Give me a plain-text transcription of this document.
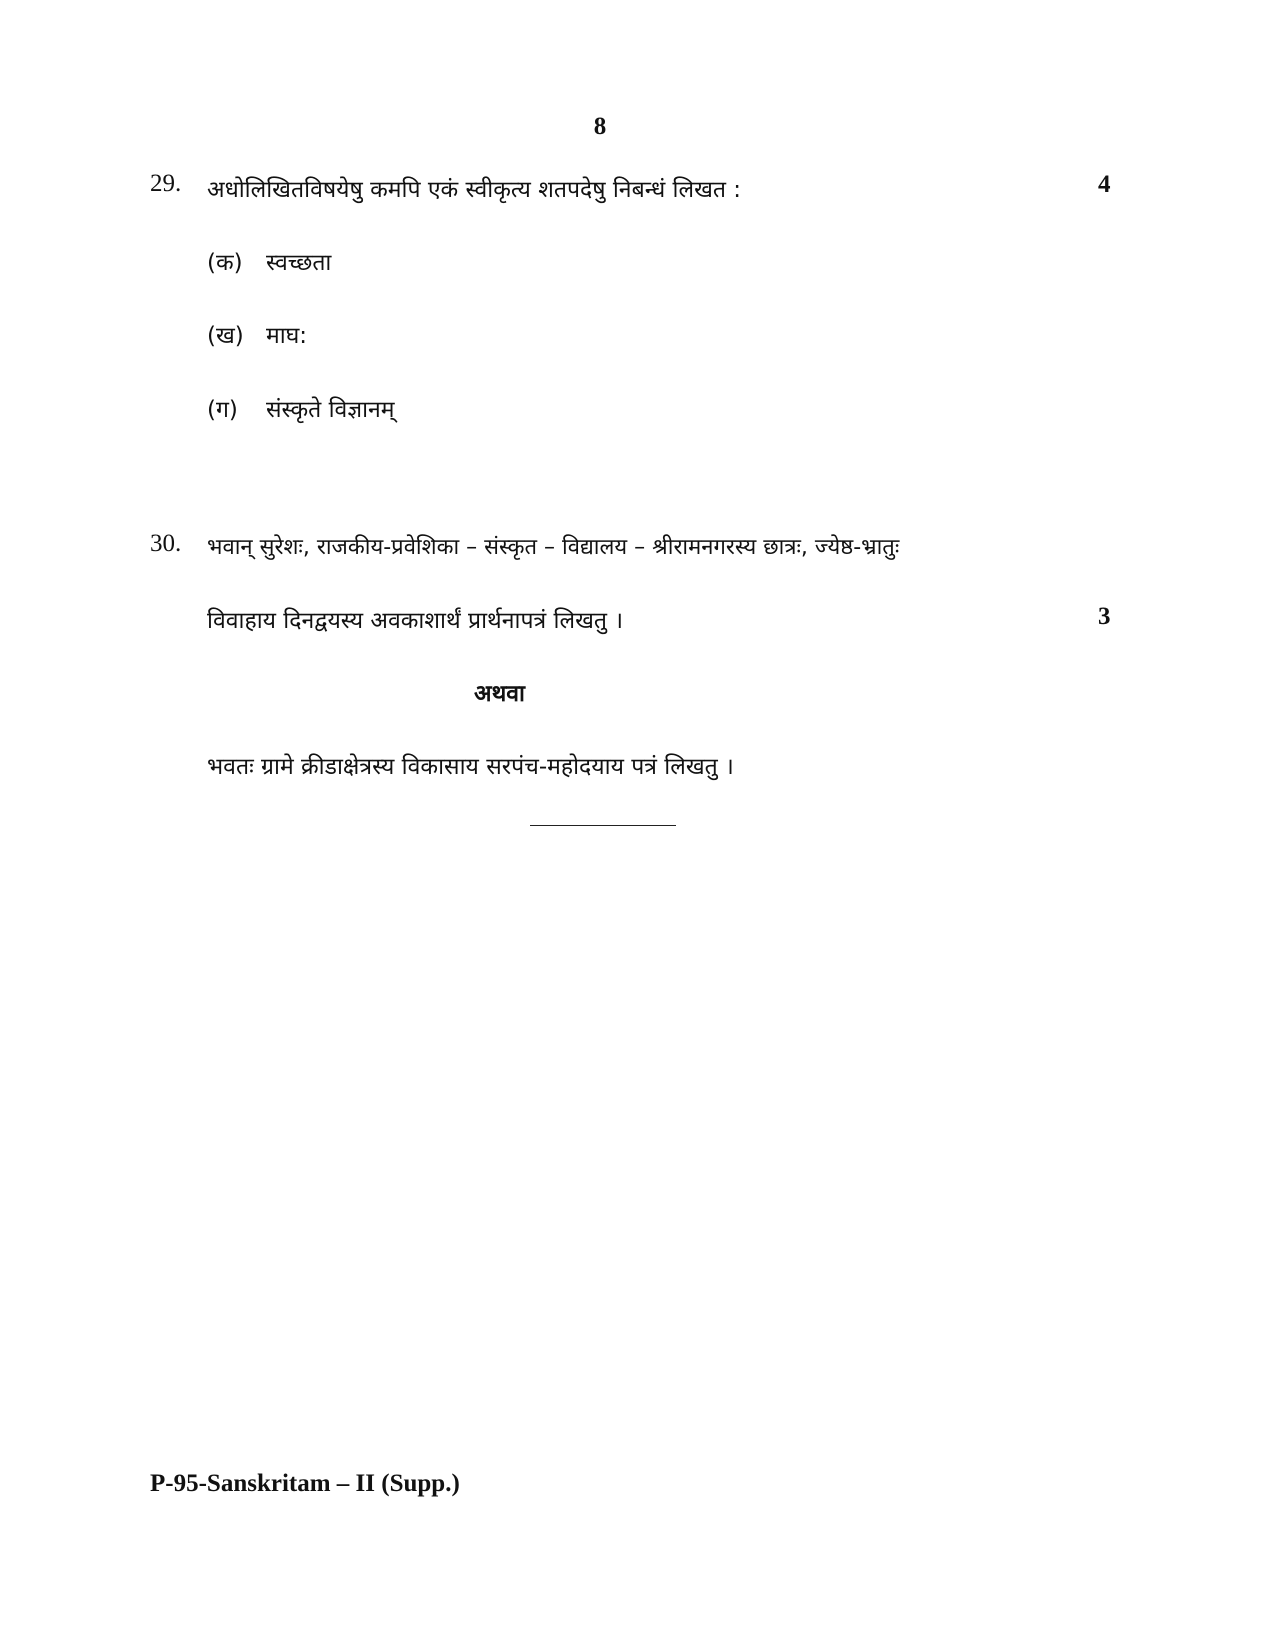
8
29. अधोलिखितविषयेषु कमपि एकं स्वीकृत्य शतपदेषु निबन्धं लिखत :	4
(क) स्वच्छता
(ख) माघ:
(ग) संस्कृते विज्ञानम्
30. भवान् सुरेशः, राजकीय-प्रवेशिका – संस्कृत – विद्यालय – श्रीरामनगरस्य छात्रः, ज्येष्ठ-भ्रातुः
विवाहाय दिनद्वयस्य अवकाशार्थं प्रार्थनापत्रं लिखतु ।	3
अथवा
भवतः ग्रामे क्रीडाक्षेत्रस्य विकासाय सरपंच-महोदयाय पत्रं लिखतु ।
P-95-Sanskritam – II (Supp.)
